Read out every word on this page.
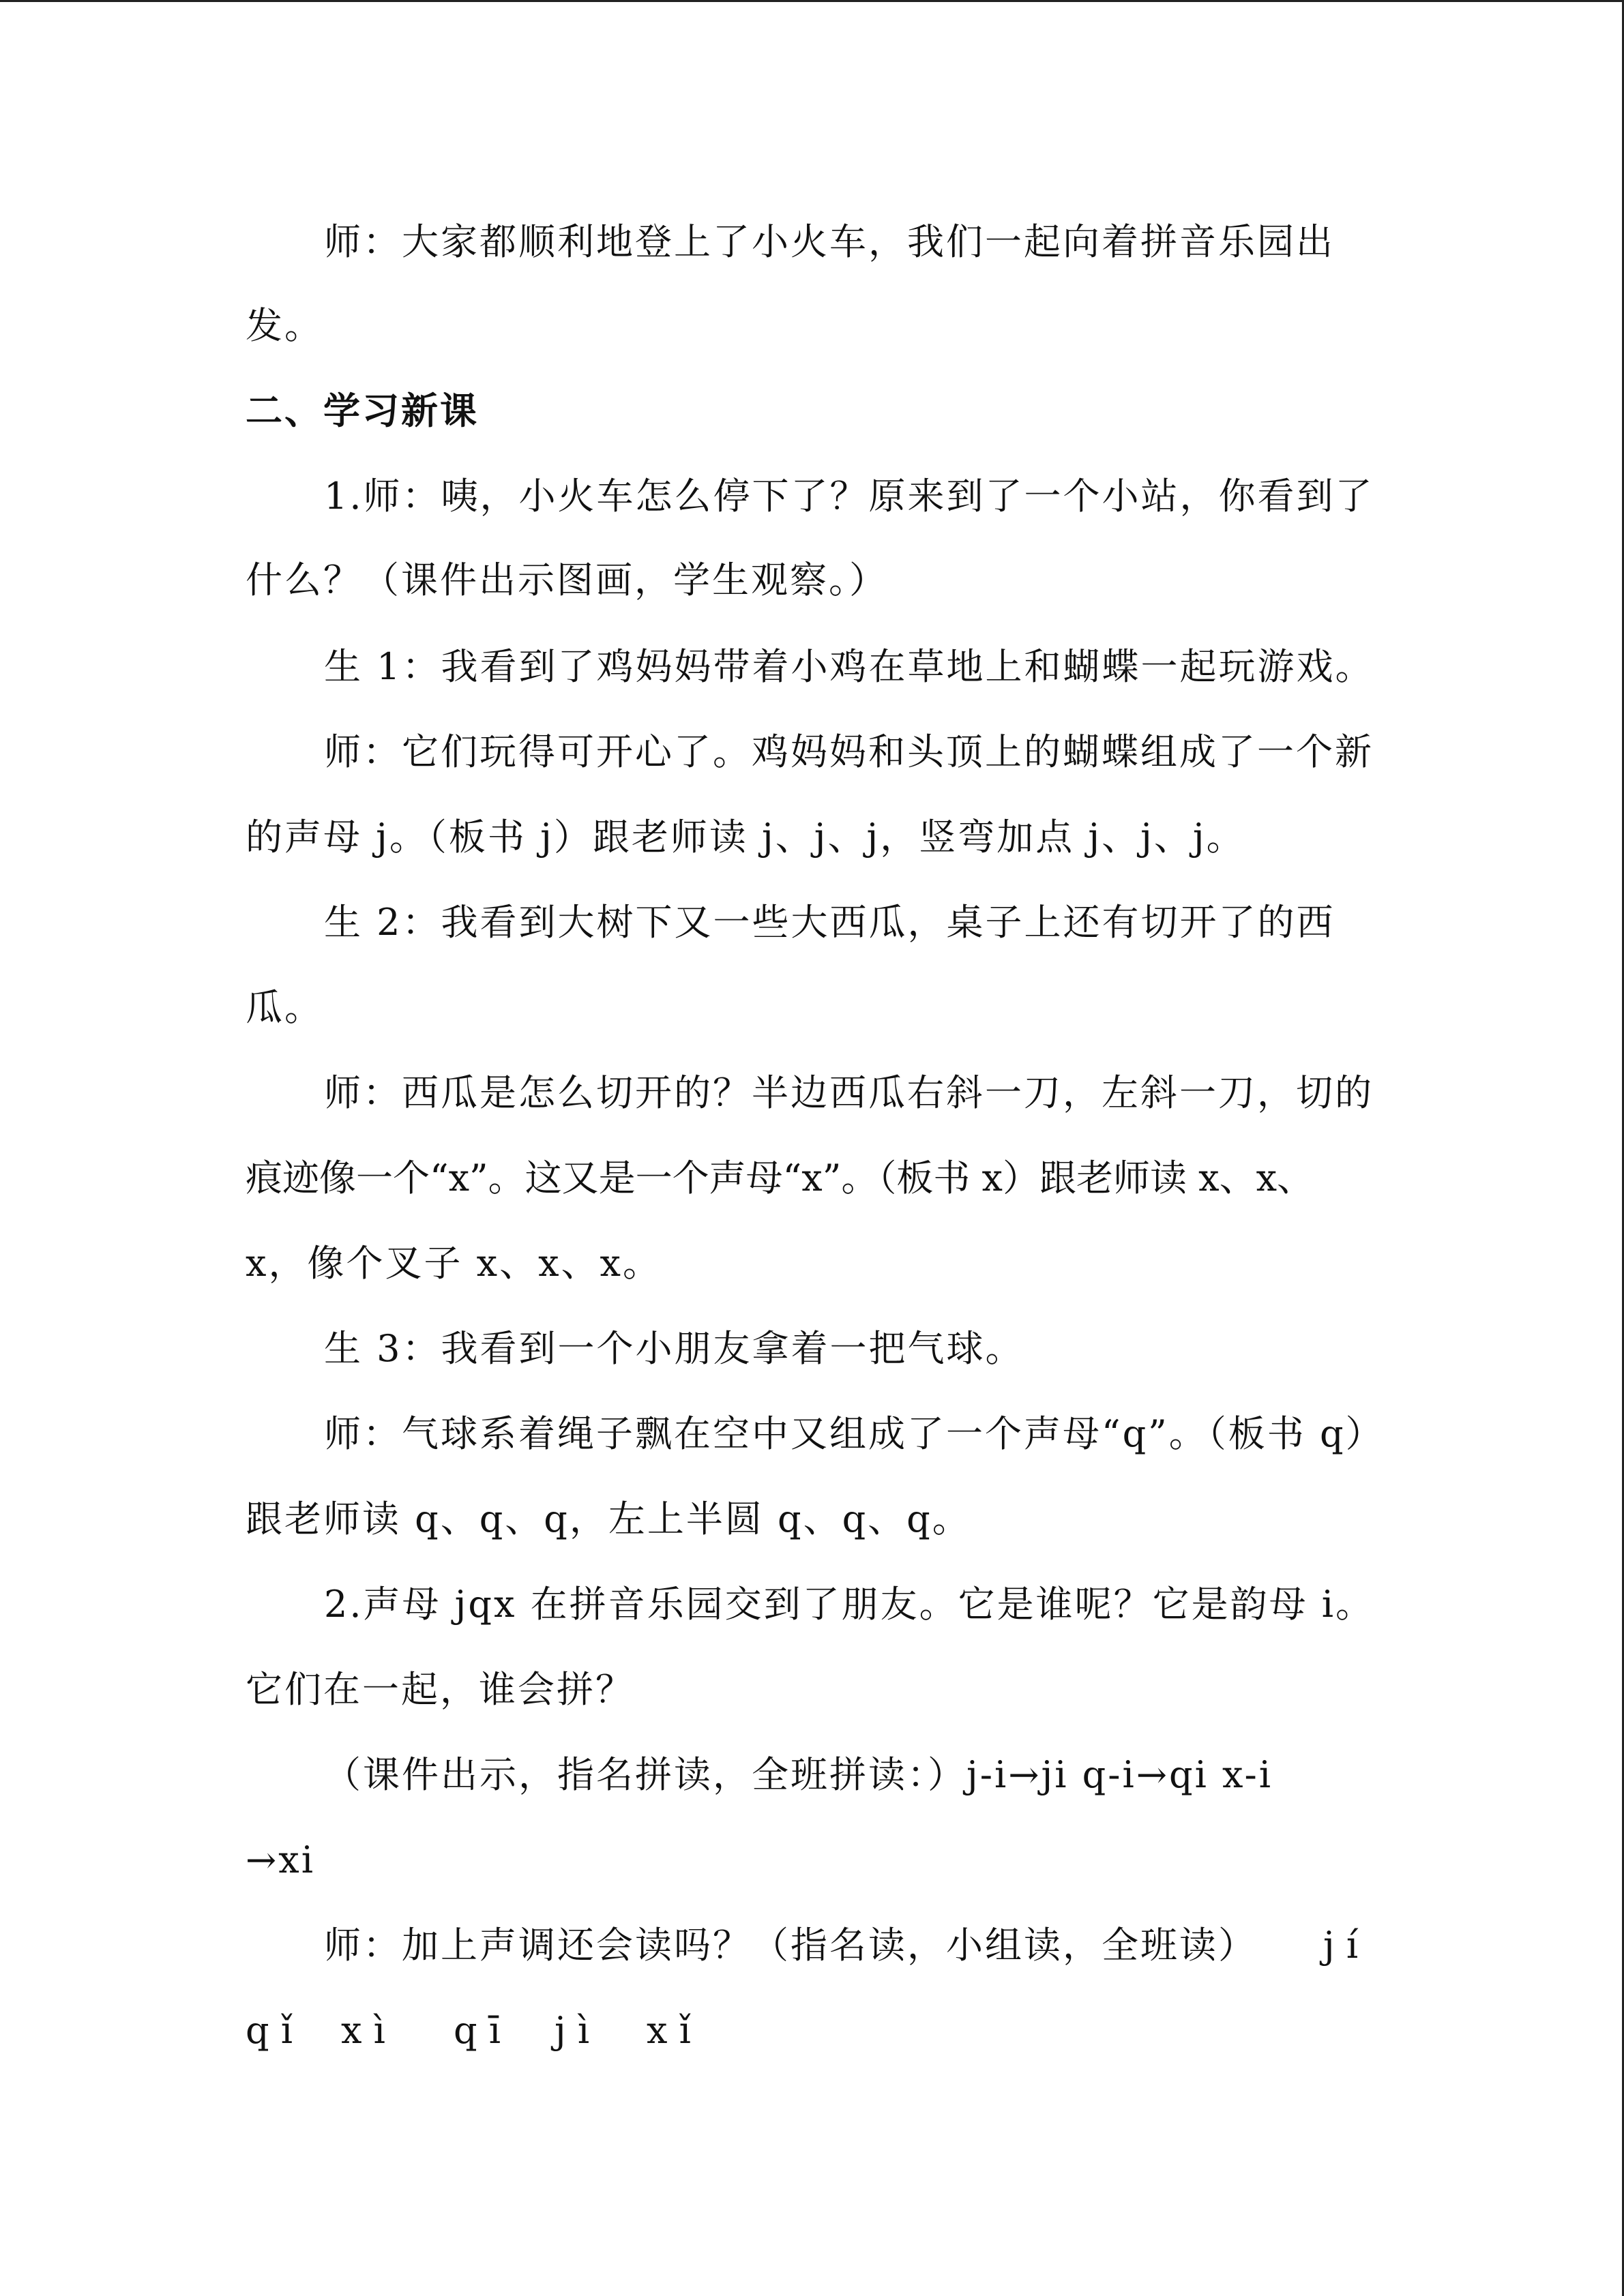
师：大家都顺利地登上了小火车，我们一起向着拼音乐园出
发。
二、学习新课
1.师：咦，小火车怎么停下了？原来到了一个小站，你看到了
什么？（课件出示图画，学生观察。）
生 1：我看到了鸡妈妈带着小鸡在草地上和蝴蝶一起玩游戏。
师：它们玩得可开心了。鸡妈妈和头顶上的蝴蝶组成了一个新
的声母 j。（板书 j）跟老师读 j、j、j，竖弯加点 j、j、j。
生 2：我看到大树下又一些大西瓜，桌子上还有切开了的西
瓜。
师：西瓜是怎么切开的？半边西瓜右斜一刀，左斜一刀，切的
痕迹像一个“x”。这又是一个声母“x”。（板书 x）跟老师读 x、x、
x，像个叉子 x、x、x。
生 3：我看到一个小朋友拿着一把气球。
师：气球系着绳子飘在空中又组成了一个声母“q”。（板书 q）
跟老师读 q、q、q，左上半圆 q、q、q。
2.声母 jqx 在拼音乐园交到了朋友。它是谁呢？它是韵母 i。
它们在一起，谁会拼？
（课件出示，指名拼读，全班拼读：）j-i→ji q-i→qi x-i
→xi
师：加上声调还会读吗？（指名读，小组读，全班读）	j í
q ǐ x ì q ī j ì x ǐ
